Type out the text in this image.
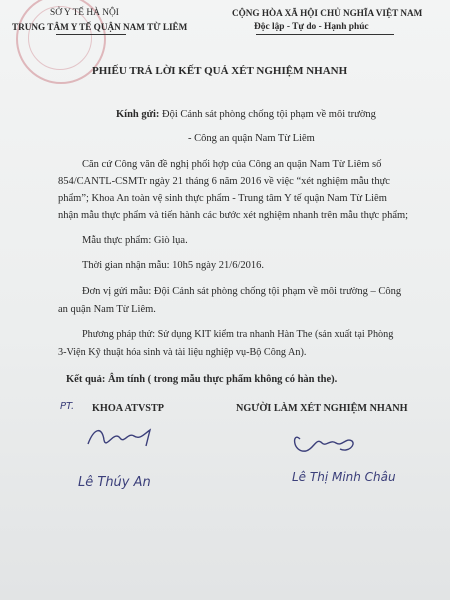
SỞ Y TẾ HÀ NỘI
TRUNG TÂM Y TẾ QUẬN NAM TỪ LIÊM
CỘNG HÒA XÃ HỘI CHỦ NGHĨA VIỆT NAM
Độc lập - Tự do - Hạnh phúc
PHIẾU TRẢ LỜI KẾT QUẢ XÉT NGHIỆM NHANH
Kính gửi: Đội Cảnh sát phòng chống tội phạm về môi trường
- Công an quận Nam Từ Liêm
Căn cứ Công văn đề nghị phối hợp của Công an quận Nam Từ Liêm số
854/CANTL-CSMTr ngày 21 tháng 6 năm 2016 về việc “xét nghiệm mẫu thực
phẩm”; Khoa An toàn vệ sinh thực phẩm - Trung tâm Y tế quận Nam Từ Liêm
nhận mẫu thực phẩm và tiến hành các bước xét nghiệm nhanh trên mẫu thực phẩm;
Mẫu thực phẩm: Giò lụa.
Thời gian nhận mẫu: 10h5 ngày 21/6/2016.
Đơn vị gửi mẫu: Đội Cảnh sát phòng chống tội phạm về môi trường – Công
an quận Nam Từ Liêm.
Phương pháp thử: Sử dụng KIT kiểm tra nhanh Hàn The (sản xuất tại Phòng
3-Viện Kỹ thuật hóa sinh và tài liệu nghiệp vụ-Bộ Công An).
Kết quả: Âm tính ( trong mẫu thực phẩm không có hàn the).
PT. KHOA ATVSTP	NGƯỜI LÀM XÉT NGHIỆM NHANH
Lê Thúy An	Lê Thị Minh Châu
